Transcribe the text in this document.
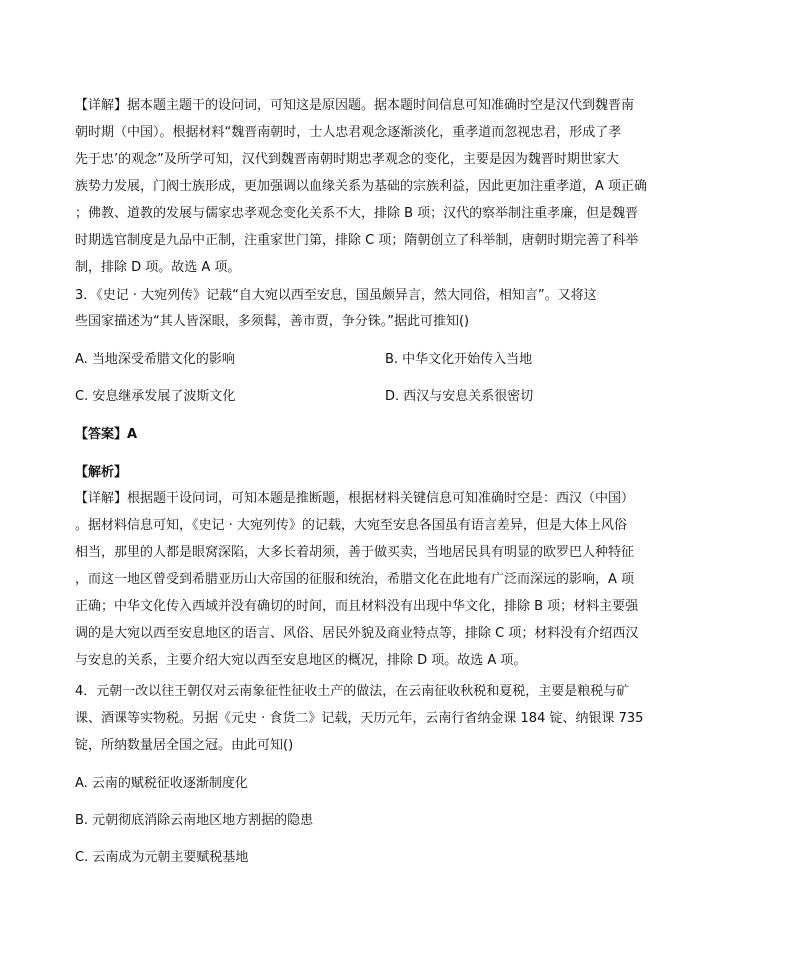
【详解】据本题主题干的设问词，可知这是原因题。据本题时间信息可知准确时空是汉代到魏晋南
朝时期（中国）。根据材料“魏晋南朝时，士人忠君观念逐渐淡化，重孝道而忽视忠君，形成了孝
先于忠’的观念”及所学可知，汉代到魏晋南朝时期忠孝观念的变化，主要是因为魏晋时期世家大
族势力发展，门阀士族形成，更加强调以血缘关系为基础的宗族利益，因此更加注重孝道，A 项正确
；佛教、道教的发展与儒家忠孝观念变化关系不大，排除 B 项；汉代的察举制注重孝廉，但是魏晋
时期选官制度是九品中正制，注重家世门第，排除 C 项；隋朝创立了科举制，唐朝时期完善了科举
制，排除 D 项。故选 A 项。
3．《史记 · 大宛列传》记载“自大宛以西至安息，国虽颇异言，然大同俗，相知言”。又将这
些国家描述为“其人皆深眼，多须髯，善市贾，争分铢。”据此可推知()
A. 当地深受希腊文化的影响	B. 中华文化开始传入当地
C. 安息继承发展了波斯文化	D. 西汉与安息关系很密切
【答案】A
【解析】
【详解】根据题干设问词，可知本题是推断题，根据材料关键信息可知准确时空是：西汉（中国）
。据材料信息可知，《史记 · 大宛列传》的记载，大宛至安息各国虽有语言差异，但是大体上风俗
相当，那里的人都是眼窝深陷，大多长着胡须，善于做买卖，当地居民具有明显的欧罗巴人种特征
，而这一地区曾受到希腊亚历山大帝国的征服和统治，希腊文化在此地有广泛而深远的影响，A 项
正确；中华文化传入西域并没有确切的时间，而且材料没有出现中华文化，排除 B 项；材料主要强
调的是大宛以西至安息地区的语言、风俗、居民外貌及商业特点等，排除 C 项；材料没有介绍西汉
与安息的关系，主要介绍大宛以西至安息地区的概况，排除 D 项。故选 A 项。
4．元朝一改以往王朝仅对云南象征性征收土产的做法，在云南征收秋税和夏税，主要是粮税与矿
课、酒课等实物税。另据《元史 · 食货二》记载，天历元年，云南行省纳金课 184 锭、纳银课 735
锭，所纳数量居全国之冠。由此可知()
A. 云南的赋税征收逐渐制度化
B. 元朝彻底消除云南地区地方割据的隐患
C. 云南成为元朝主要赋税基地
